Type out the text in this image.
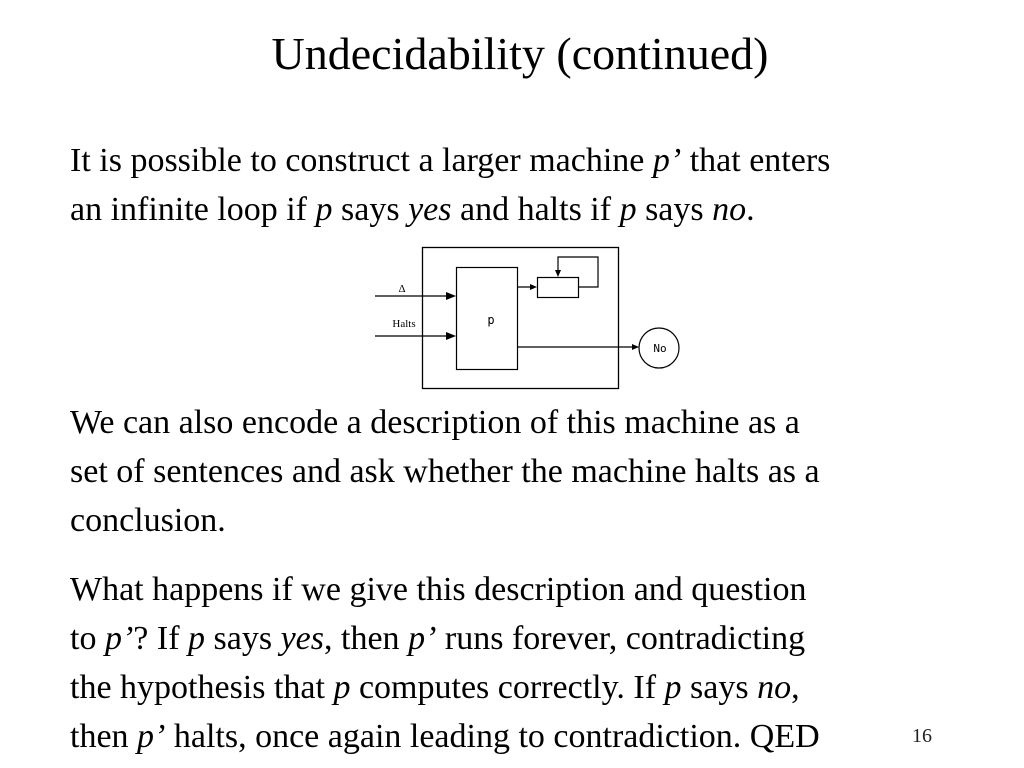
Undecidability (continued)
It is possible to construct a larger machine p’ that enters
an infinite loop if p says yes and halts if p says no.
p
Δ
Halts
No
We can also encode a description of this machine as a
set of sentences and ask whether the machine halts as a
conclusion.
What happens if we give this description and question
to p’? If p says yes, then p’ runs forever, contradicting
the hypothesis that p computes correctly. If p says no,
then p’ halts, once again leading to contradiction. QED	16
